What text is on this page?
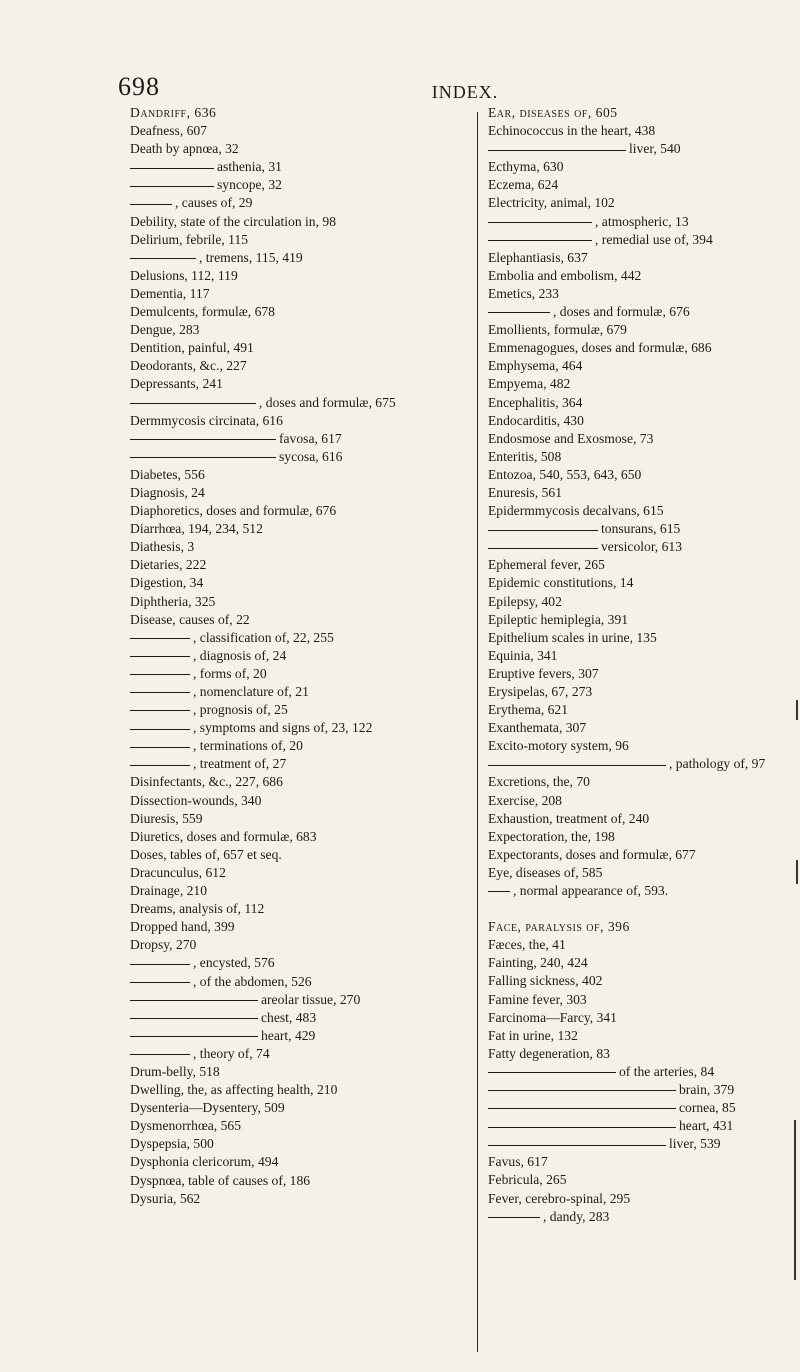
698	INDEX.
Dandriff, 636
Deafness, 607
Death by apnœa, 32
asthenia, 31
syncope, 32
, causes of, 29
Debility, state of the circulation in, 98
Delirium, febrile, 115
, tremens, 115, 419
Delusions, 112, 119
Dementia, 117
Demulcents, formulæ, 678
Dengue, 283
Dentition, painful, 491
Deodorants, &c., 227
Depressants, 241
, doses and formulæ, 675
Dermmycosis circinata, 616
favosa, 617
sycosa, 616
Diabetes, 556
Diagnosis, 24
Diaphoretics, doses and formulæ, 676
Diarrhœa, 194, 234, 512
Diathesis, 3
Dietaries, 222
Digestion, 34
Diphtheria, 325
Disease, causes of, 22
, classification of, 22, 255
, diagnosis of, 24
, forms of, 20
, nomenclature of, 21
, prognosis of, 25
, symptoms and signs of, 23, 122
, terminations of, 20
, treatment of, 27
Disinfectants, &c., 227, 686
Dissection-wounds, 340
Diuresis, 559
Diuretics, doses and formulæ, 683
Doses, tables of, 657 et seq.
Dracunculus, 612
Drainage, 210
Dreams, analysis of, 112
Dropped hand, 399
Dropsy, 270
, encysted, 576
, of the abdomen, 526
areolar tissue, 270
chest, 483
heart, 429
, theory of, 74
Drum-belly, 518
Dwelling, the, as affecting health, 210
Dysenteria—Dysentery, 509
Dysmenorrhœa, 565
Dyspepsia, 500
Dysphonia clericorum, 494
Dyspnœa, table of causes of, 186
Dysuria, 562
Ear, diseases of, 605
Echinococcus in the heart, 438
liver, 540
Ecthyma, 630
Eczema, 624
Electricity, animal, 102
, atmospheric, 13
, remedial use of, 394
Elephantiasis, 637
Embolia and embolism, 442
Emetics, 233
, doses and formulæ, 676
Emollients, formulæ, 679
Emmenagogues, doses and formulæ, 686
Emphysema, 464
Empyema, 482
Encephalitis, 364
Endocarditis, 430
Endosmose and Exosmose, 73
Enteritis, 508
Entozoa, 540, 553, 643, 650
Enuresis, 561
Epidermmycosis decalvans, 615
tonsurans, 615
versicolor, 613
Ephemeral fever, 265
Epidemic constitutions, 14
Epilepsy, 402
Epileptic hemiplegia, 391
Epithelium scales in urine, 135
Equinia, 341
Eruptive fevers, 307
Erysipelas, 67, 273
Erythema, 621
Exanthemata, 307
Excito-motory system, 96
, pathology of, 97
Excretions, the, 70
Exercise, 208
Exhaustion, treatment of, 240
Expectoration, the, 198
Expectorants, doses and formulæ, 677
Eye, diseases of, 585
, normal appearance of, 593.
Face, paralysis of, 396
Fæces, the, 41
Fainting, 240, 424
Falling sickness, 402
Famine fever, 303
Farcinoma—Farcy, 341
Fat in urine, 132
Fatty degeneration, 83
of the arteries, 84
brain, 379
cornea, 85
heart, 431
liver, 539
Favus, 617
Febricula, 265
Fever, cerebro-spinal, 295
, dandy, 283
